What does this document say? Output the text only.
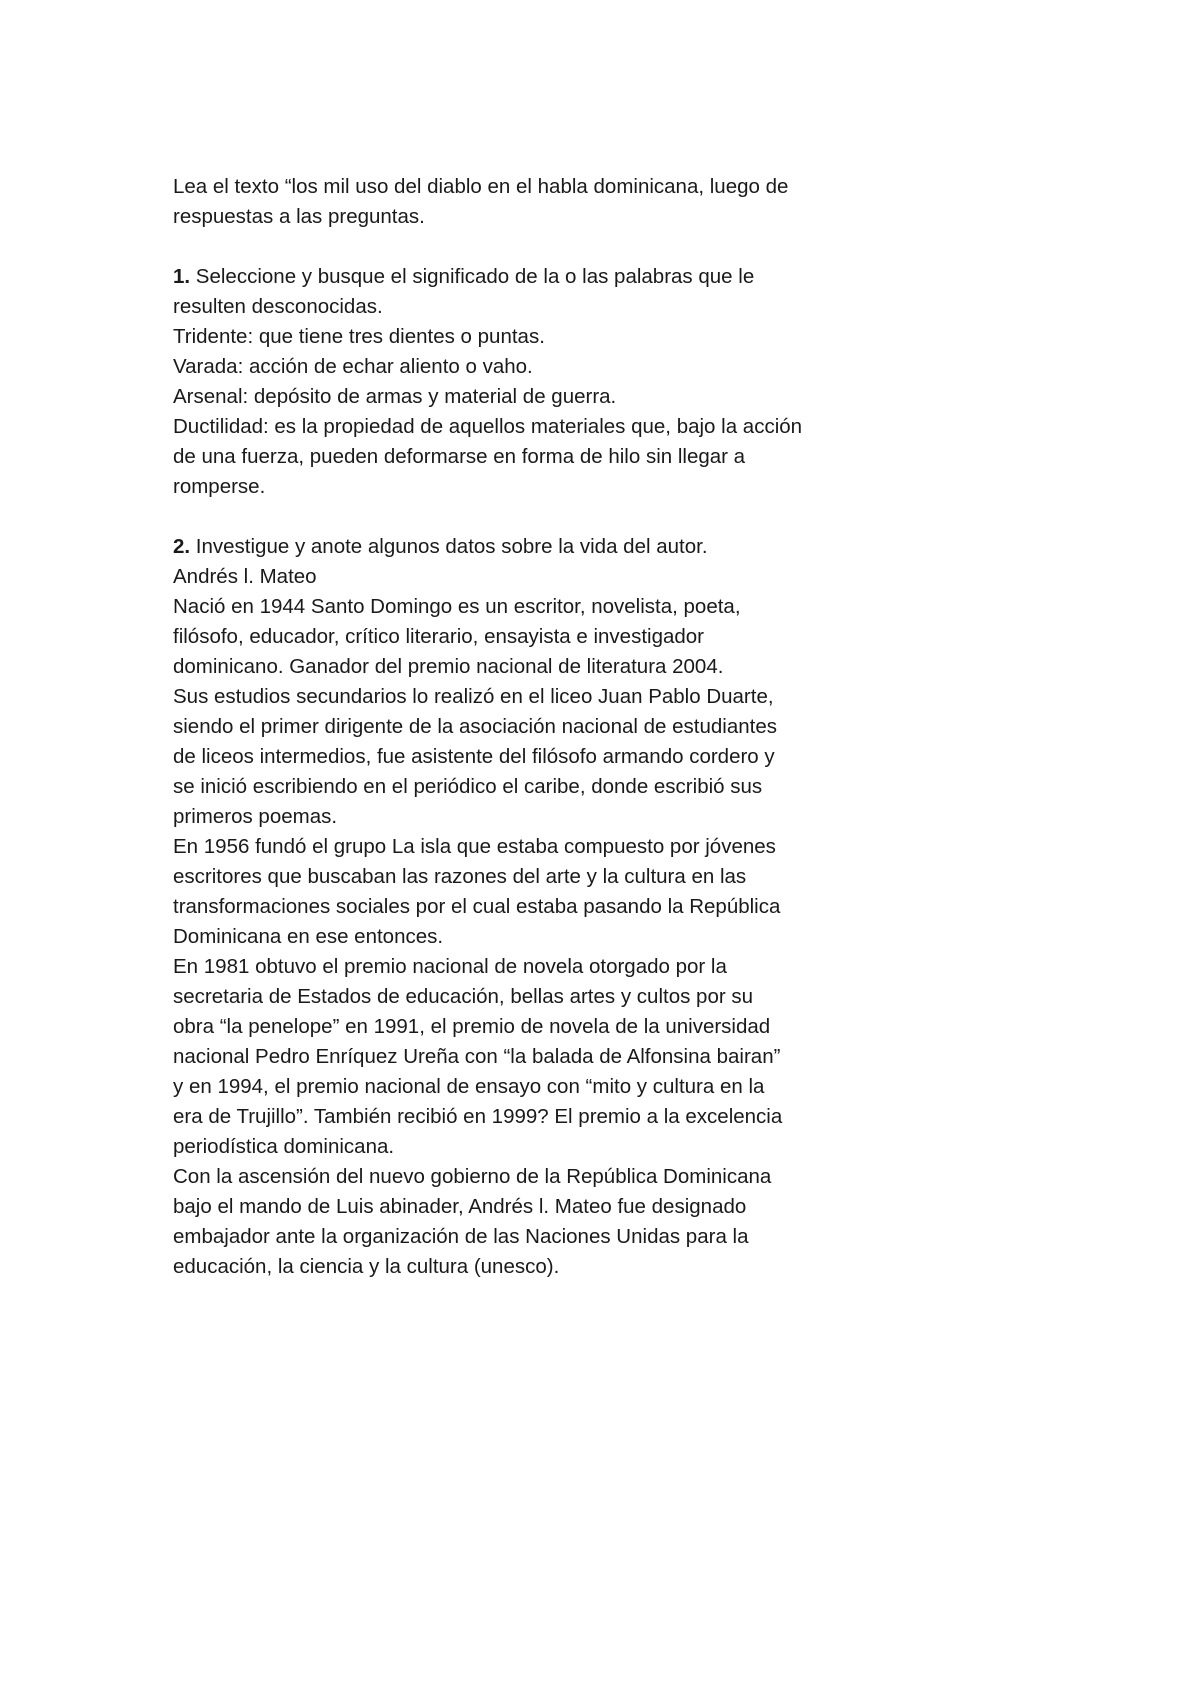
Lea el texto “los mil uso del diablo en el habla dominicana, luego de
respuestas a las preguntas.
1. Seleccione y busque el significado de la o las palabras que le
resulten desconocidas.
Tridente: que tiene tres dientes o puntas.
Varada: acción de echar aliento o vaho.
Arsenal: depósito de armas y material de guerra.
Ductilidad: es la propiedad de aquellos materiales que, bajo la acción
de una fuerza, pueden deformarse en forma de hilo sin llegar a
romperse.
2. Investigue y anote algunos datos sobre la vida del autor.
Andrés l. Mateo
Nació en 1944 Santo Domingo es un escritor, novelista, poeta,
filósofo, educador, crítico literario, ensayista e investigador
dominicano. Ganador del premio nacional de literatura 2004.
Sus estudios secundarios lo realizó en el liceo Juan Pablo Duarte,
siendo el primer dirigente de la asociación nacional de estudiantes
de liceos intermedios, fue asistente del filósofo armando cordero y
se inició escribiendo en el periódico el caribe, donde escribió sus
primeros poemas.
En 1956 fundó el grupo La isla que estaba compuesto por jóvenes
escritores que buscaban las razones del arte y la cultura en las
transformaciones sociales por el cual estaba pasando la República
Dominicana en ese entonces.
En 1981 obtuvo el premio nacional de novela otorgado por la
secretaria de Estados de educación, bellas artes y cultos por su
obra “la penelope” en 1991, el premio de novela de la universidad
nacional Pedro Enríquez Ureña con “la balada de Alfonsina bairan”
y en 1994, el premio nacional de ensayo con “mito y cultura en la
era de Trujillo”. También recibió en 1999? El premio a la excelencia
periodística dominicana.
Con la ascensión del nuevo gobierno de la República Dominicana
bajo el mando de Luis abinader, Andrés l. Mateo fue designado
embajador ante la organización de las Naciones Unidas para la
educación, la ciencia y la cultura (unesco).
